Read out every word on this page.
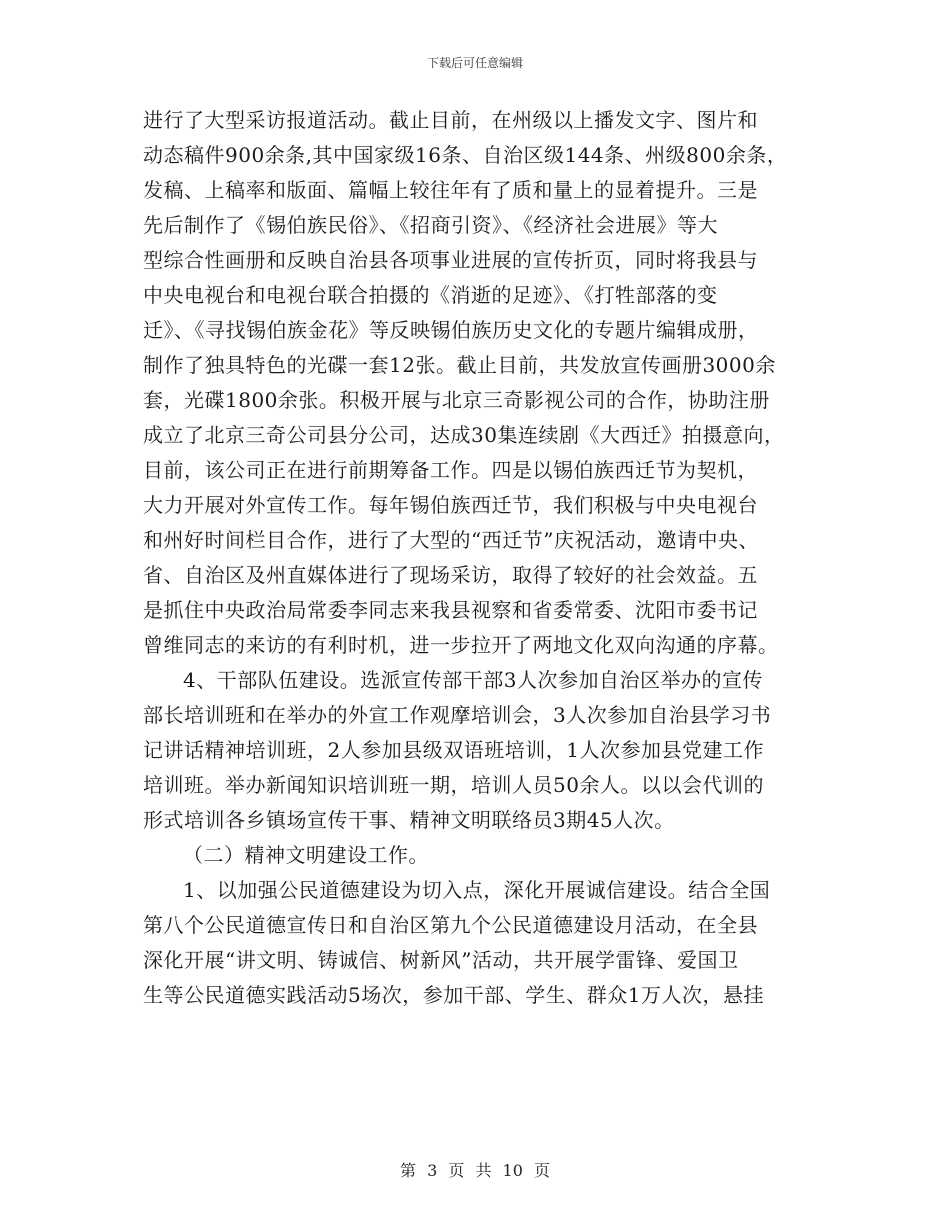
下载后可任意编辑
进行了大型采访报道活动。截止目前，在州级以上播发文字、图片和
动态稿件900余条,其中国家级16条、自治区级144条、州级800余条，
发稿、上稿率和版面、篇幅上较往年有了质和量上的显着提升。三是
先后制作了《锡伯族民俗》、《招商引资》、《经济社会进展》等大
型综合性画册和反映自治县各项事业进展的宣传折页，同时将我县与
中央电视台和电视台联合拍摄的《消逝的足迹》、《打牲部落的变
迁》、《寻找锡伯族金花》等反映锡伯族历史文化的专题片编辑成册，
制作了独具特色的光碟一套12张。截止目前，共发放宣传画册3000余
套，光碟1800余张。积极开展与北京三奇影视公司的合作，协助注册
成立了北京三奇公司县分公司，达成30集连续剧《大西迁》拍摄意向，
目前，该公司正在进行前期筹备工作。四是以锡伯族西迁节为契机，
大力开展对外宣传工作。每年锡伯族西迁节，我们积极与中央电视台
和州好时间栏目合作，进行了大型的“西迁节”庆祝活动，邀请中央、
省、自治区及州直媒体进行了现场采访，取得了较好的社会效益。五
是抓住中央政治局常委李同志来我县视察和省委常委、沈阳市委书记
曾维同志的来访的有利时机，进一步拉开了两地文化双向沟通的序幕。
4、干部队伍建设。选派宣传部干部3人次参加自治区举办的宣传
部长培训班和在举办的外宣工作观摩培训会，3人次参加自治县学习书
记讲话精神培训班，2人参加县级双语班培训，1人次参加县党建工作
培训班。举办新闻知识培训班一期，培训人员50余人。以以会代训的
形式培训各乡镇场宣传干事、精神文明联络员3期45人次。
（二）精神文明建设工作。
1、以加强公民道德建设为切入点，深化开展诚信建设。结合全国
第八个公民道德宣传日和自治区第九个公民道德建设月活动，在全县
深化开展“讲文明、铸诚信、树新风”活动，共开展学雷锋、爱国卫
生等公民道德实践活动5场次，参加干部、学生、群众1万人次，悬挂
第 3 页 共 10 页
